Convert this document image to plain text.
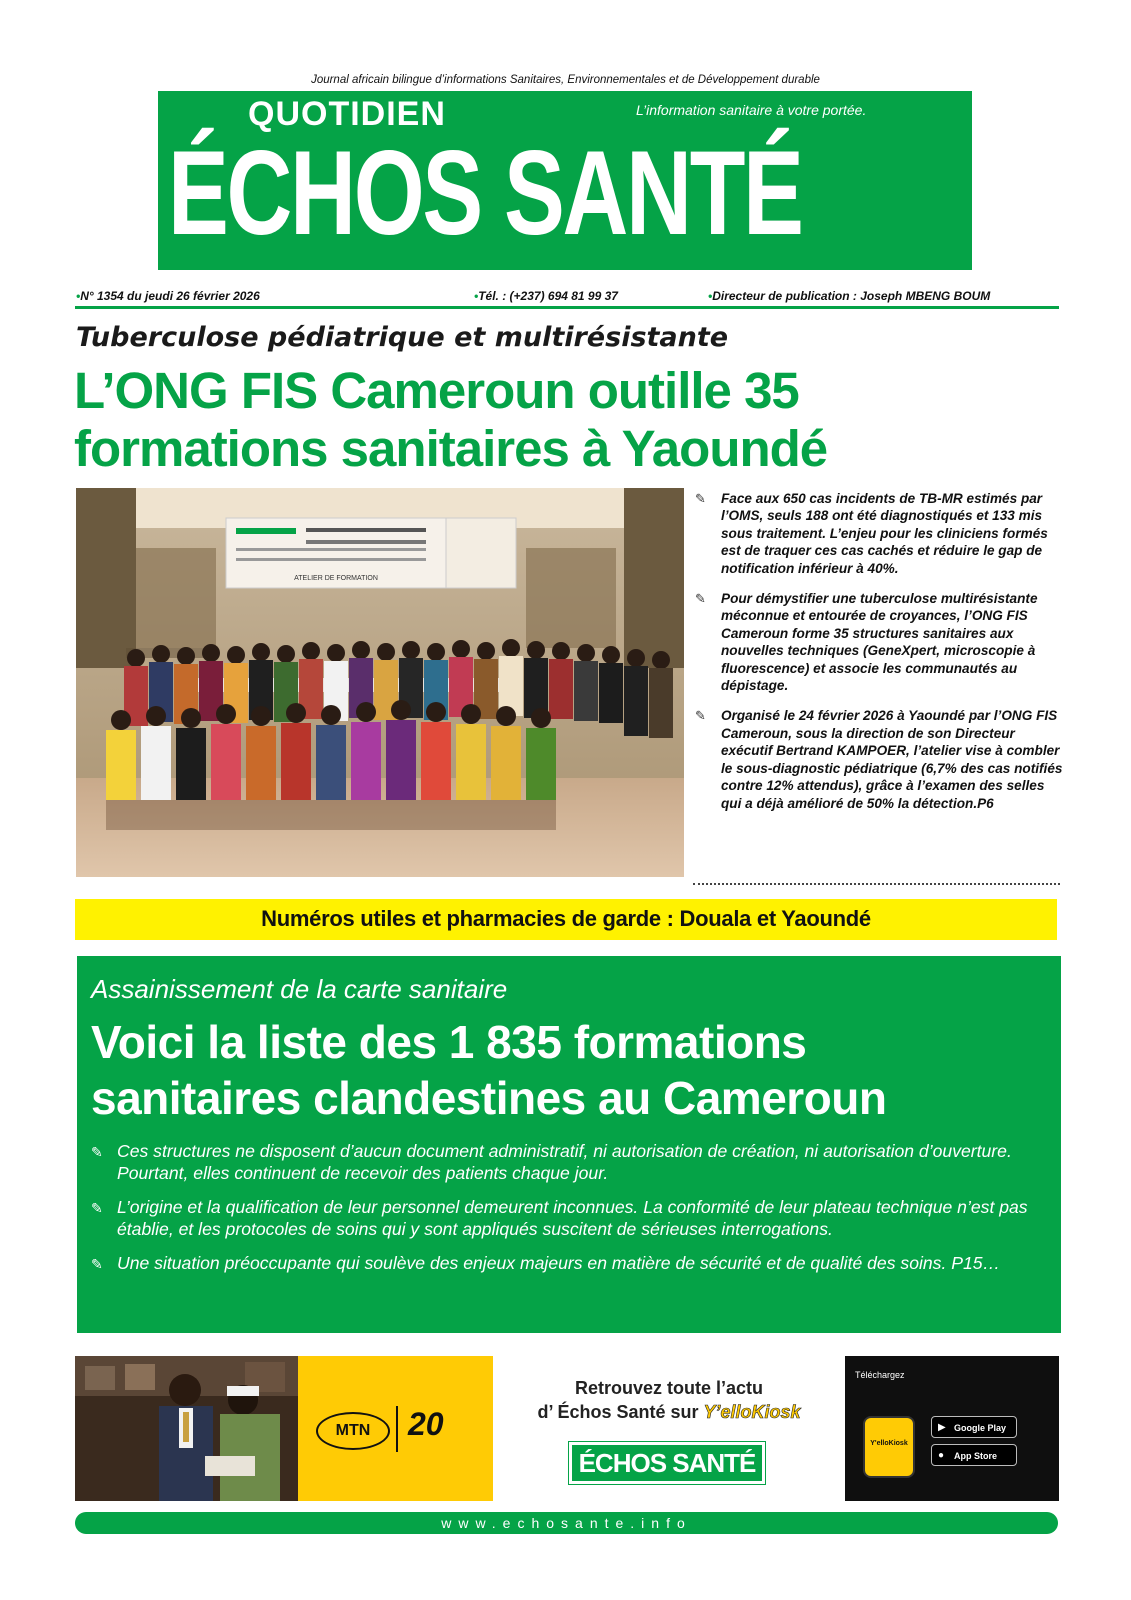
Journal africain bilingue d’informations Sanitaires, Environnementales et de Développement durable
QUOTIDIEN	L’information sanitaire à votre portée.
ÉCHOS SANTÉ
•N° 1354 du jeudi 26 février 2026	•Tél. : (+237) 694 81 99 37	•Directeur de publication : Joseph MBENG BOUM
Tuberculose pédiatrique et multirésistante
L’ONG FIS Cameroun outille 35
formations sanitaires à Yaoundé
ATELIER DE FORMATION
✎ Face aux 650 cas incidents de TB-MR estimés par l’OMS, seuls 188 ont été diagnostiqués et 133 mis sous traitement. L’enjeu pour les cliniciens formés est de traquer ces cas cachés et réduire le gap de notification inférieur à 40%.
✎ Pour démystifier une tuberculose multirésistante méconnue et entourée de croyances, l’ONG FIS Cameroun forme 35 structures sanitaires aux nouvelles techniques (GeneXpert, microscopie à fluorescence) et associe les communautés au dépistage.
✎ Organisé le 24 février 2026 à Yaoundé par l’ONG FIS Cameroun, sous la direction de son Directeur exécutif Bertrand KAMPOER, l’atelier vise à combler le sous-diagnostic pédiatrique (6,7% des cas notifiés contre 12% attendus), grâce à l’examen des selles qui a déjà amélioré de 50% la détection.P6
Numéros utiles et pharmacies de garde : Douala et Yaoundé
Assainissement de la carte sanitaire
Voici la liste des 1 835 formations
sanitaires clandestines au Cameroun
✎ Ces structures ne disposent d’aucun document administratif, ni autorisation de création, ni autorisation d’ouverture. Pourtant, elles continuent de recevoir des patients chaque jour.
✎ L’origine et la qualification de leur personnel demeurent inconnues. La conformité de leur plateau technique n’est pas établie, et les protocoles de soins qui y sont appliqués suscitent de sérieuses interrogations.
✎ Une situation préoccupante qui soulève des enjeux majeurs en matière de sécurité et de qualité des soins. P15…
MTN	20
Retrouvez toute l’actu
d’ Échos Santé sur Y’elloKiosk
ÉCHOS SANTÉ
Téléchargez
Y'elloKiosk
▶ Google Play
● App Store
www.echosante.info
